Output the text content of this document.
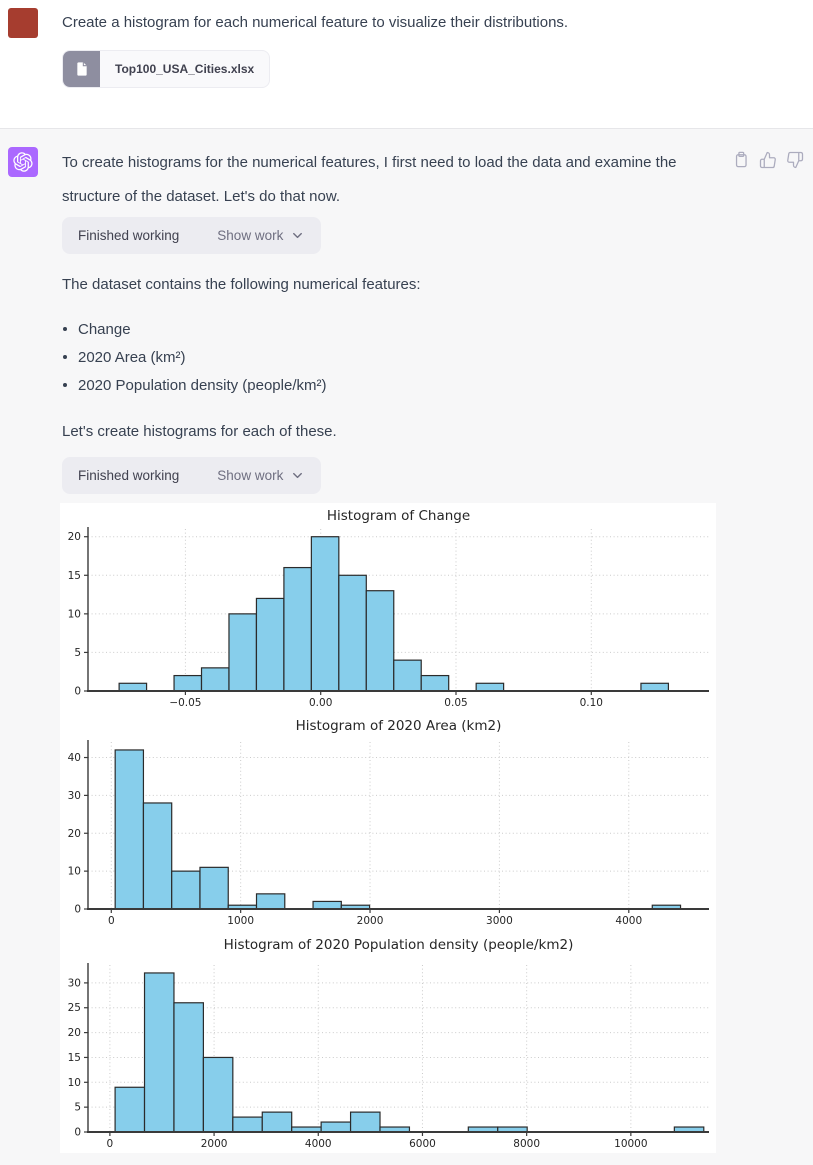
Create a histogram for each numerical feature to visualize their distributions.

Top100_USA_Cities.xlsx

To create histograms for the numerical features, I first need to load the data and examine the
structure of the dataset. Let's do that now.

Finished working	Show work

The dataset contains the following numerical features:

Change
2020 Area (km²)
2020 Population density (people/km²)

Let's create histograms for each of these.

Finished working	Show work
0
5
10
15
20
−0.05	0.00	0.05	0.10
Histogram of Change
0
10
20
30
40
0	1000	2000	3000	4000
Histogram of 2020 Area (km2)
0
5
10
15
20
25
30
0	2000	4000	6000	8000	10000
Histogram of 2020 Population density (people/km2)
